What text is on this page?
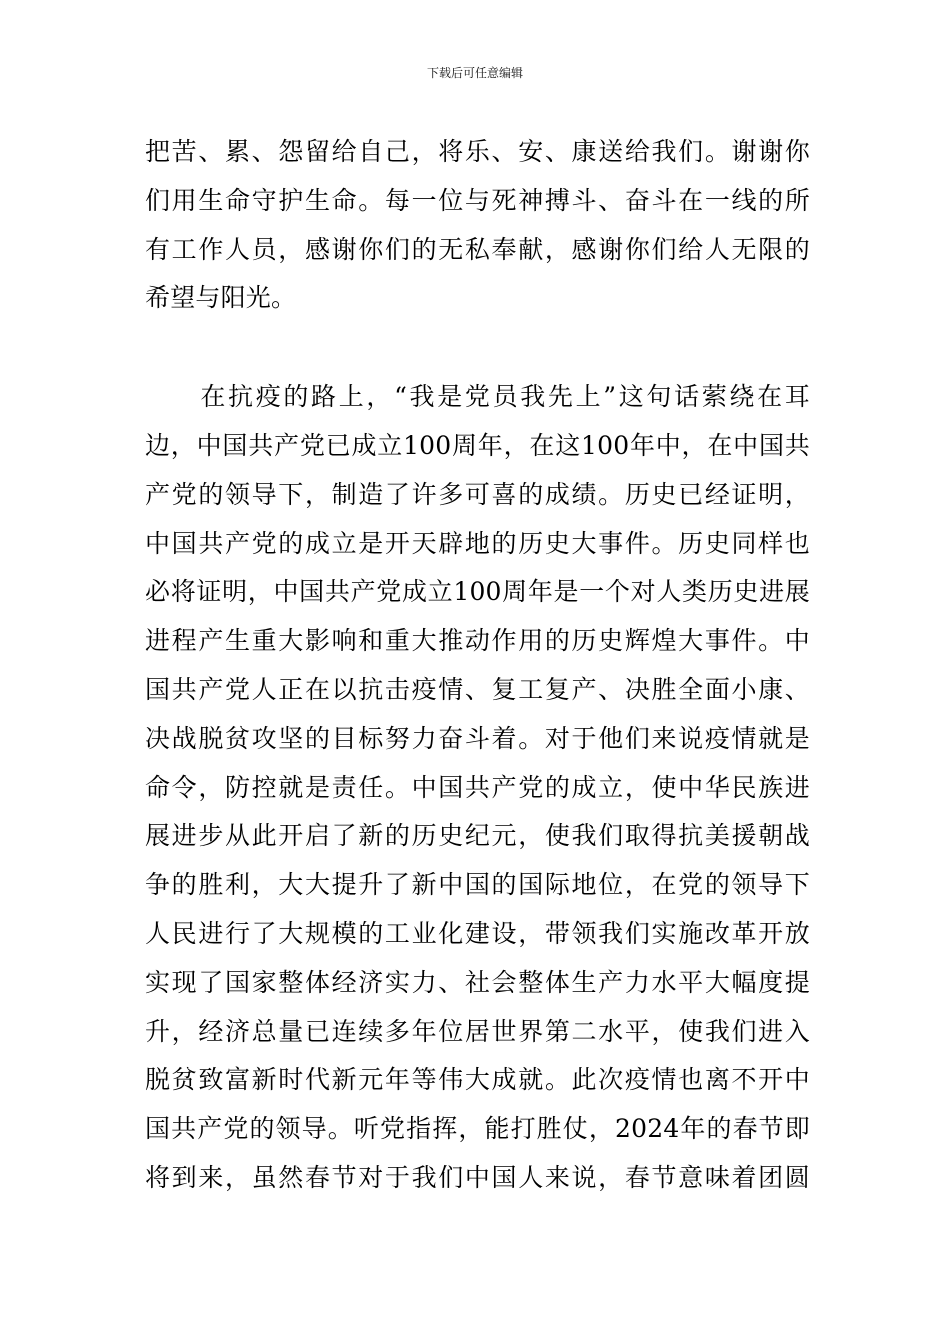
下载后可任意编辑
把苦、累、怨留给自己，将乐、安、康送给我们。谢谢你
们用生命守护生命。每一位与死神搏斗、奋斗在一线的所
有工作人员，感谢你们的无私奉献，感谢你们给人无限的
希望与阳光。
　　在抗疫的路上，“我是党员我先上”这句话萦绕在耳
边，中国共产党已成立100周年，在这100年中，在中国共
产党的领导下，制造了许多可喜的成绩。历史已经证明，
中国共产党的成立是开天辟地的历史大事件。历史同样也
必将证明，中国共产党成立100周年是一个对人类历史进展
进程产生重大影响和重大推动作用的历史辉煌大事件。中
国共产党人正在以抗击疫情、复工复产、决胜全面小康、
决战脱贫攻坚的目标努力奋斗着。对于他们来说疫情就是
命令，防控就是责任。中国共产党的成立，使中华民族进
展进步从此开启了新的历史纪元，使我们取得抗美援朝战
争的胜利，大大提升了新中国的国际地位，在党的领导下
人民进行了大规模的工业化建设，带领我们实施改革开放
实现了国家整体经济实力、社会整体生产力水平大幅度提
升，经济总量已连续多年位居世界第二水平，使我们进入
脱贫致富新时代新元年等伟大成就。此次疫情也离不开中
国共产党的领导。听党指挥，能打胜仗，2024年的春节即
将到来，虽然春节对于我们中国人来说，春节意味着团圆
